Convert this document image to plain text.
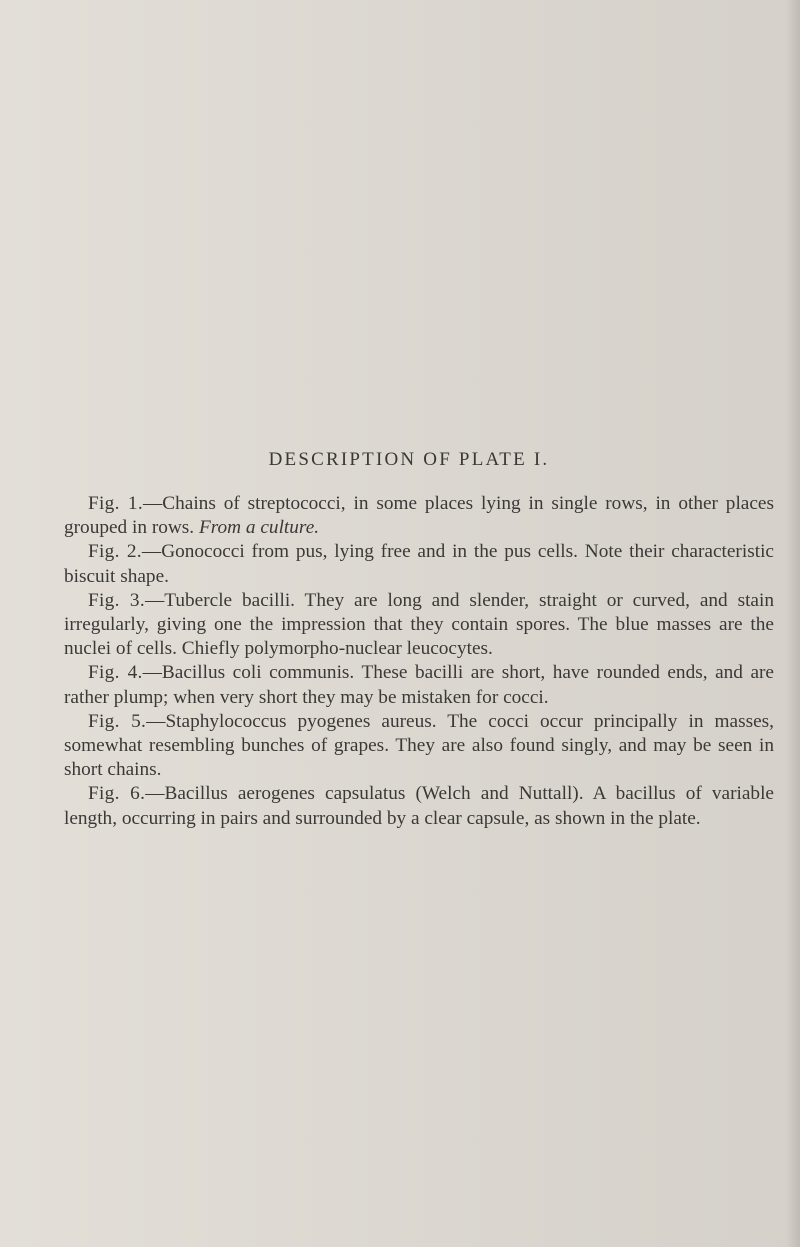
DESCRIPTION OF PLATE I.

Fig. 1.—Chains of streptococci, in some places lying in single rows, in other places grouped in rows. From a culture.

Fig. 2.—Gonococci from pus, lying free and in the pus cells. Note their characteristic biscuit shape.

Fig. 3.—Tubercle bacilli. They are long and slender, straight or curved, and stain irregularly, giving one the impression that they contain spores. The blue masses are the nuclei of cells. Chiefly polymorpho-nuclear leucocytes.

Fig. 4.—Bacillus coli communis. These bacilli are short, have rounded ends, and are rather plump; when very short they may be mistaken for cocci.

Fig. 5.—Staphylococcus pyogenes aureus. The cocci occur principally in masses, somewhat resembling bunches of grapes. They are also found singly, and may be seen in short chains.

Fig. 6.—Bacillus aerogenes capsulatus (Welch and Nuttall). A bacillus of variable length, occurring in pairs and surrounded by a clear capsule, as shown in the plate.
